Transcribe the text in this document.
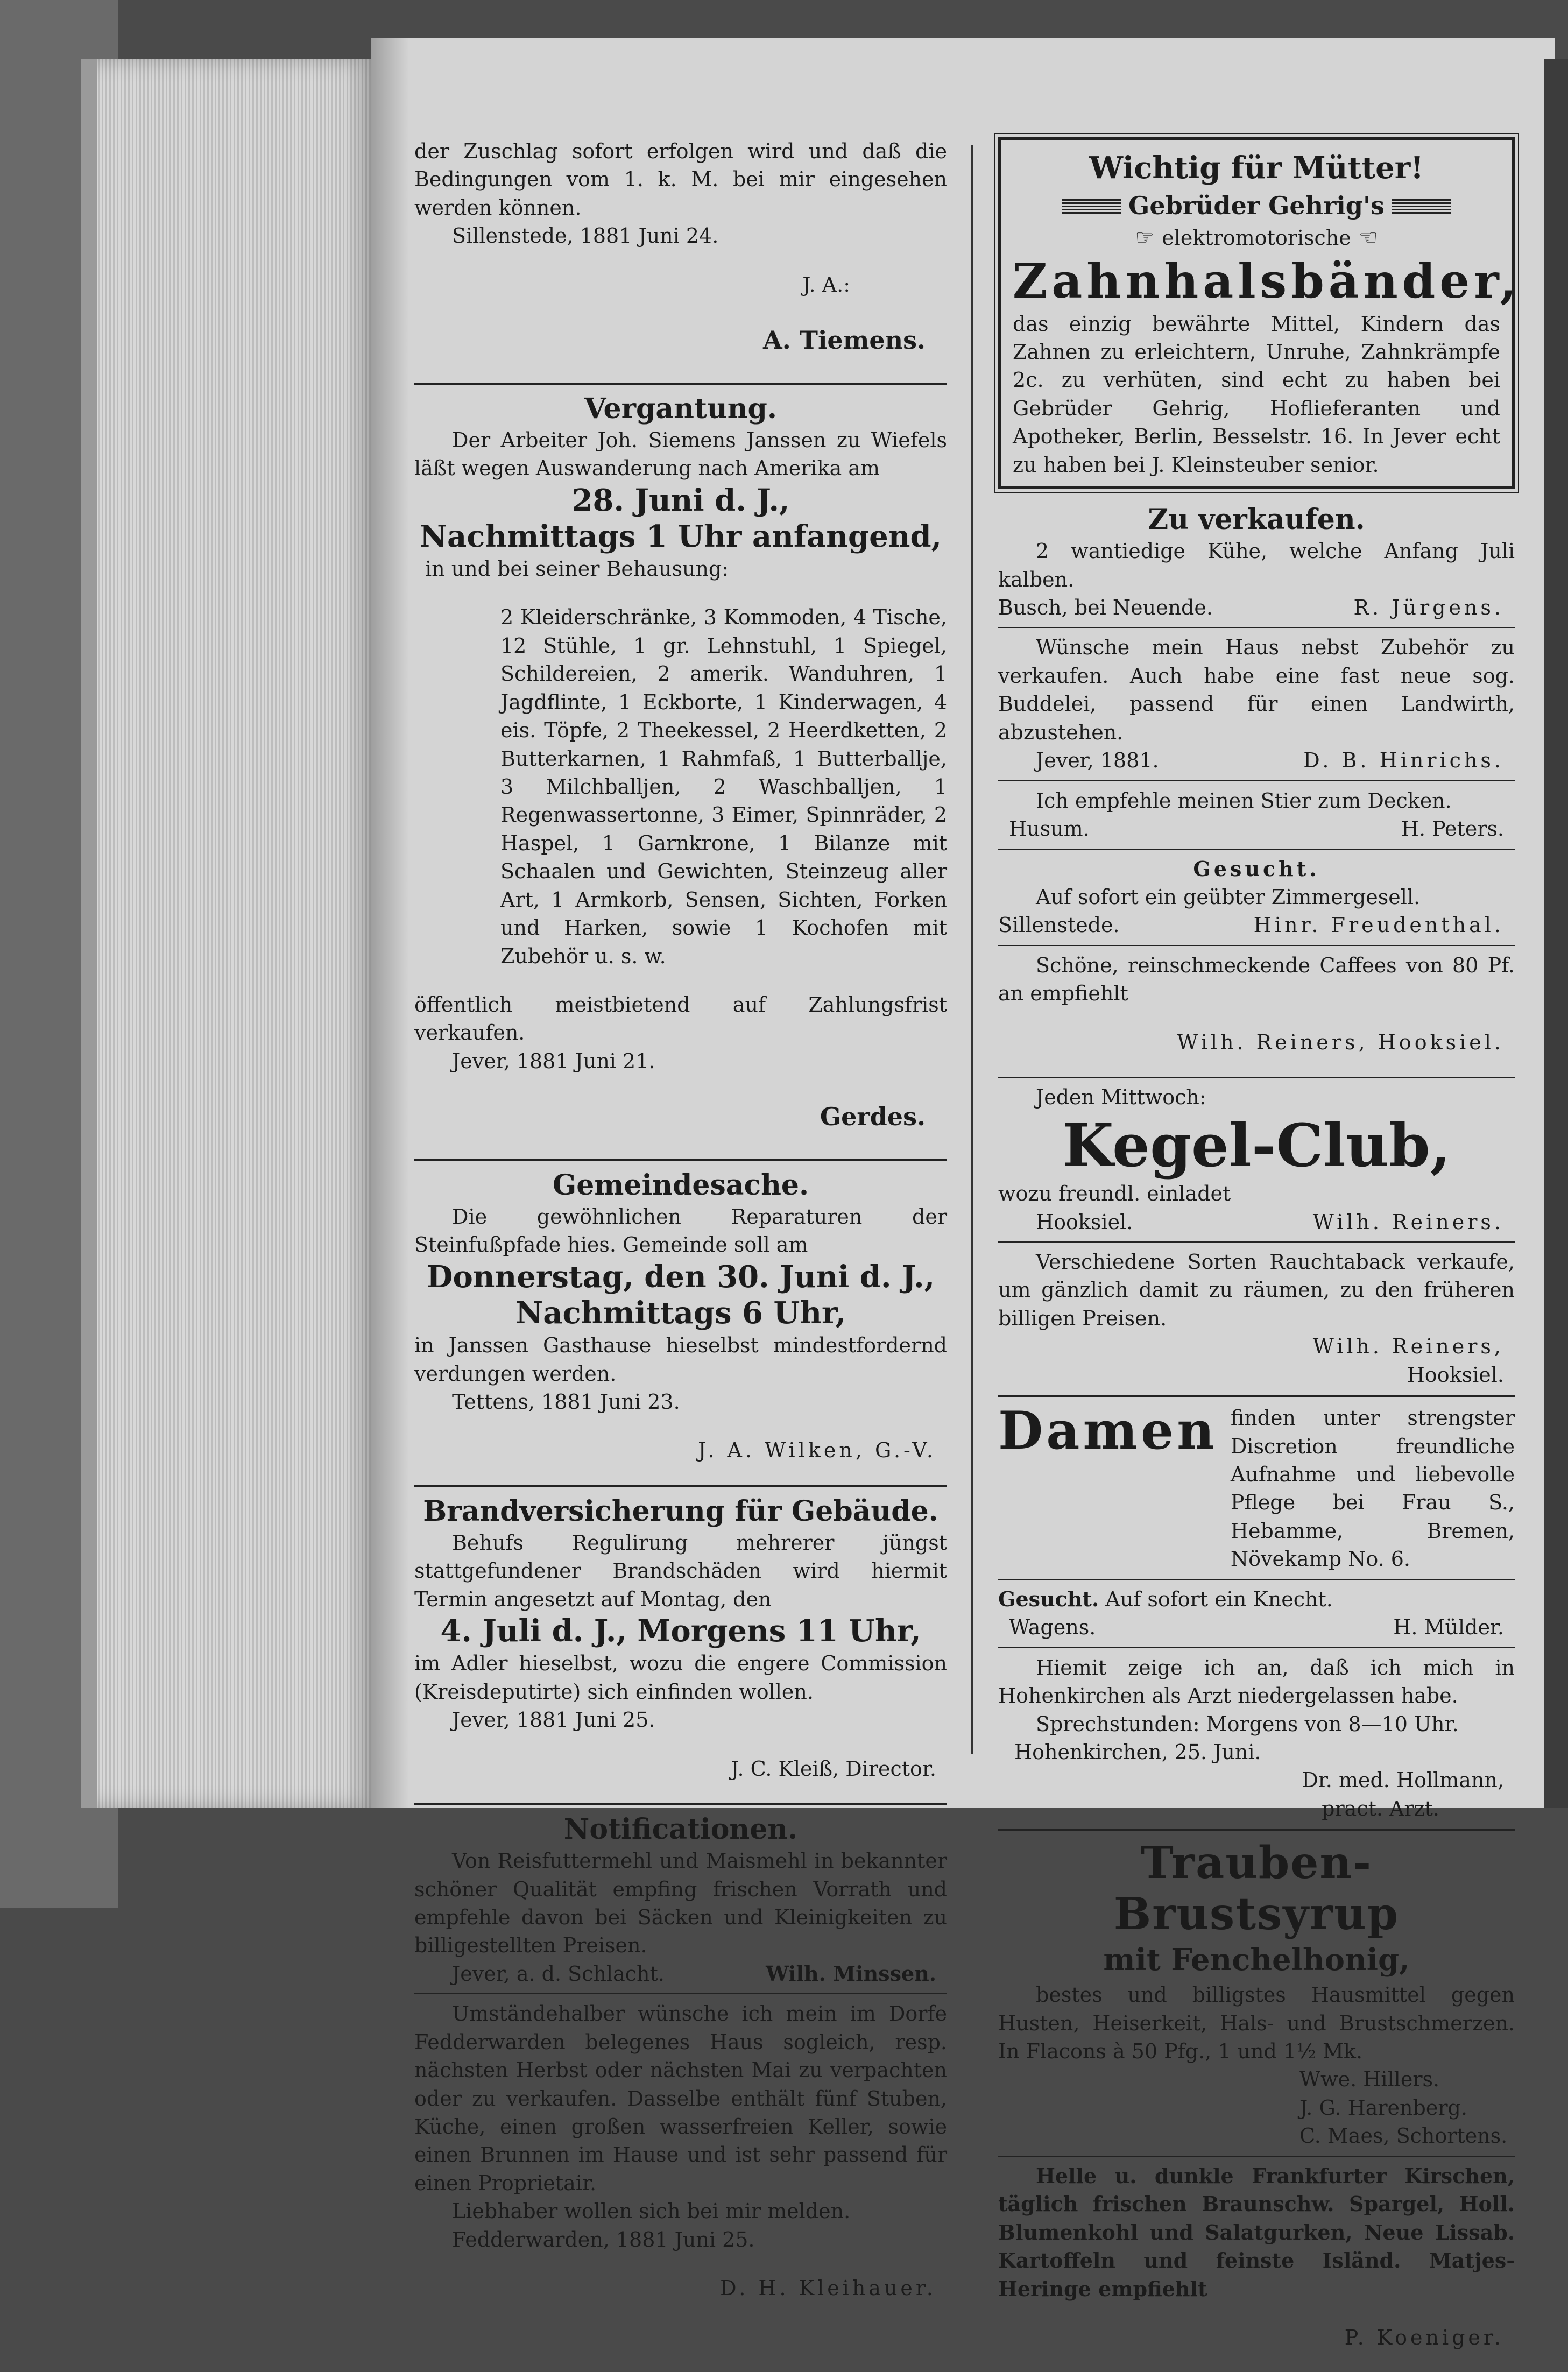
der Zuschlag sofort erfolgen wird und daß die Bedingungen vom 1. k. M. bei mir eingesehen werden können.

Sillenstede, 1881 Juni 24.

J. A.:

A. Tiemens.

Vergantung.

Der Arbeiter Joh. Siemens Janssen zu Wiefels läßt wegen Auswanderung nach Amerika am

28. Juni d. J.,
Nachmittags 1 Uhr anfangend,

in und bei seiner Behausung:

2 Kleiderschränke, 3 Kommoden, 4 Tische, 12 Stühle, 1 gr. Lehnstuhl, 1 Spiegel, Schildereien, 2 amerik. Wanduhren, 1 Jagdflinte, 1 Eckborte, 1 Kinderwagen, 4 eis. Töpfe, 2 Theekessel, 2 Heerdketten, 2 Butterkarnen, 1 Rahmfaß, 1 Butterballje, 3 Milchballjen, 2 Waschballjen, 1 Regenwassertonne, 3 Eimer, Spinnräder, 2 Haspel, 1 Garnkrone, 1 Bilanze mit Schaalen und Gewichten, Steinzeug aller Art, 1 Armkorb, Sensen, Sichten, Forken und Harken, sowie 1 Kochofen mit Zubehör u. s. w.

öffentlich meistbietend auf Zahlungsfrist verkaufen.

Jever, 1881 Juni 21.

Gerdes.

Gemeindesache.

Die gewöhnlichen Reparaturen der Steinfußpfade hies. Gemeinde soll am

Donnerstag, den 30. Juni d. J.,
Nachmittags 6 Uhr,

in Janssen Gasthause hieselbst mindestfordernd verdungen werden.

Tettens, 1881 Juni 23.

J. A. Wilken, G.-V.

Brandversicherung für Gebäude.

Behufs Regulirung mehrerer jüngst stattgefundener Brandschäden wird hiermit Termin angesetzt auf Montag, den

4. Juli d. J., Morgens 11 Uhr,

im Adler hieselbst, wozu die engere Commission (Kreisdeputirte) sich einfinden wollen.

Jever, 1881 Juni 25.

J. C. Kleiß, Director.

Notificationen.

Von Reisfuttermehl und Maismehl in bekannter schöner Qualität empfing frischen Vorrath und empfehle davon bei Säcken und Kleinigkeiten zu billigestellten Preisen.

Jever, a. d. Schlacht.	Wilh. Minssen.

Umständehalber wünsche ich mein im Dorfe Fedderwarden belegenes Haus sogleich, resp. nächsten Herbst oder nächsten Mai zu verpachten oder zu verkaufen. Dasselbe enthält fünf Stuben, Küche, einen großen wasserfreien Keller, sowie einen Brunnen im Hause und ist sehr passend für einen Proprietair.

Liebhaber wollen sich bei mir melden.

Fedderwarden, 1881 Juni 25.

D. H. Kleihauer.

Wichtig für Mütter!
Gebrüder Gehrig's
☞ elektromotorische ☜
Zahnhalsbänder,

das einzig bewährte Mittel, Kindern das Zahnen zu erleichtern, Unruhe, Zahnkrämpfe 2c. zu verhüten, sind echt zu haben bei Gebrüder Gehrig, Hoflieferanten und Apotheker, Berlin, Besselstr. 16. In Jever echt zu haben bei J. Kleinsteuber senior.

Zu verkaufen.

2 wantiedige Kühe, welche Anfang Juli kalben.

Busch, bei Neuende.	R. Jürgens.

Wünsche mein Haus nebst Zubehör zu verkaufen. Auch habe eine fast neue sog. Buddelei, passend für einen Landwirth, abzustehen.

Jever, 1881.	D. B. Hinrichs.

Ich empfehle meinen Stier zum Decken.

Husum.	H. Peters.
Gesucht.

Auf sofort ein geübter Zimmergesell.

Sillenstede.	Hinr. Freudenthal.

Schöne, reinschmeckende Caffees von 80 Pf. an empfiehlt

Wilh. Reiners, Hooksiel.

Jeden Mittwoch:

Kegel-Club,

wozu freundl. einladet

Hooksiel.	Wilh. Reiners.

Verschiedene Sorten Rauchtaback verkaufe, um gänzlich damit zu räumen, zu den früheren billigen Preisen.

Wilh. Reiners,

Hooksiel.

Damen finden unter strengster Discretion freundliche Aufnahme und liebevolle Pflege bei Frau S., Hebamme, Bremen, Növekamp No. 6.

Gesucht. Auf sofort ein Knecht.

Wagens.	H. Mülder.

Hiemit zeige ich an, daß ich mich in Hohenkirchen als Arzt niedergelassen habe.

Sprechstunden: Morgens von 8—10 Uhr.

Hohenkirchen, 25. Juni.

Dr. med. Hollmann,

pract. Arzt.

Trauben-Brustsyrup
mit Fenchelhonig,

bestes und billigstes Hausmittel gegen Husten, Heiserkeit, Hals- und Brustschmerzen. In Flacons à 50 Pfg., 1 und 1½ Mk.

Wwe. Hillers.

J. G. Harenberg.

C. Maes, Schortens.

Helle u. dunkle Frankfurter Kirschen, täglich frischen Braunschw. Spargel, Holl. Blumenkohl und Salatgurken, Neue Lissab. Kartoffeln und feinste Isländ. Matjes-Heringe empfiehlt

P. Koeniger.
